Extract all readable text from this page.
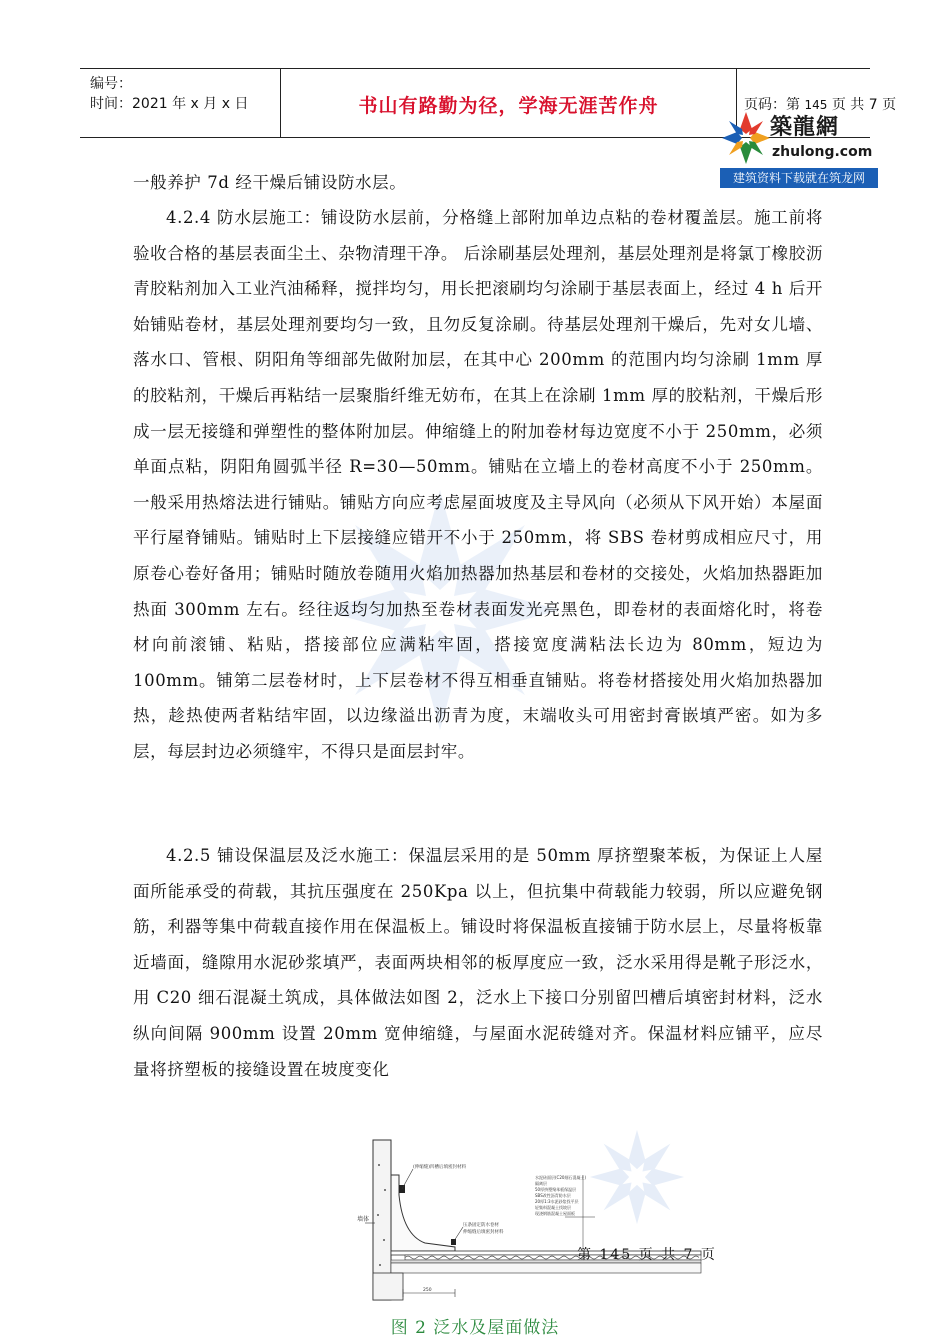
编号：
时间：2021 年 x 月 x 日	书山有路勤为径，学海无涯苦作舟	页码：第 145 页 共 7 页
築龍網
zhulong.com
建筑资料下载就在筑龙网

一般养护 7d 经干燥后铺设防水层。

4.2.4 防水层施工：铺设防水层前，分格缝上部附加单边点粘的卷材覆盖层。施工前将验收合格的基层表面尘土、杂物清理干净。 后涂刷基层处理剂，基层处理剂是将氯丁橡胶沥青胶粘剂加入工业汽油稀释，搅拌均匀，用长把滚刷均匀涂刷于基层表面上，经过 4 h 后开始铺贴卷材，基层处理剂要均匀一致，且勿反复涂刷。待基层处理剂干燥后，先对女儿墙、落水口、管根、阴阳角等细部先做附加层，在其中心 200mm 的范围内均匀涂刷 1mm 厚的胶粘剂，干燥后再粘结一层聚脂纤维无妨布，在其上在涂刷 1mm 厚的胶粘剂，干燥后形成一层无接缝和弹塑性的整体附加层。伸缩缝上的附加卷材每边宽度不小于 250mm，必须单面点粘，阴阳角圆弧半径 R=30—50mm。铺贴在立墙上的卷材高度不小于 250mm。一般采用热熔法进行铺贴。铺贴方向应考虑屋面坡度及主导风向（必须从下风开始）本屋面平行屋脊铺贴。铺贴时上下层接缝应错开不小于 250mm，将 SBS 卷材剪成相应尺寸，用原卷心卷好备用；铺贴时随放卷随用火焰加热器加热基层和卷材的交接处，火焰加热器距加热面 300mm 左右。经往返均匀加热至卷材表面发光亮黑色，即卷材的表面熔化时，将卷材向前滚铺、粘贴，搭接部位应满粘牢固，搭接宽度满粘法长边为 80mm，短边为 100mm。铺第二层卷材时，上下层卷材不得互相垂直铺贴。将卷材搭接处用火焰加热器加热，趁热使两者粘结牢固，以边缘溢出沥青为度，末端收头可用密封膏嵌填严密。如为多层，每层封边必须缝牢，不得只是面层封牢。

4.2.5 铺设保温层及泛水施工：保温层采用的是 50mm 厚挤塑聚苯板，为保证上人屋面所能承受的荷载，其抗压强度在 250Kpa 以上，但抗集中荷载能力较弱，所以应避免钢筋，利器等集中荷载直接作用在保温板上。铺设时将保温板直接铺于防水层上，尽量将板靠近墙面，缝隙用水泥砂浆填严，表面两块相邻的板厚度应一致，泛水采用得是靴子形泛水，用 C20 细石混凝土筑成，具体做法如图 2，泛水上下接口分别留凹槽后填密封材料，泛水纵向间隔 900mm 设置 20mm 宽伸缩缝，与屋面水泥砖缝对齐。保温材料应铺平，应尽量将挤塑板的接缝设置在坡度变化

250
墙体
(伸缩缝)凹槽后填密封材料
压条固定防水卷材
伸缩缝后填密封材料
水泥砖面层(C20细石混凝土)
隔离层
50厚挤塑聚苯板保温层
SBS改性沥青防水层
20厚1:3水泥砂浆找平层
轻集料混凝土找坡层
现浇钢筋混凝土屋面板
第 145 页 共 7 页
图 2 泛水及屋面做法
